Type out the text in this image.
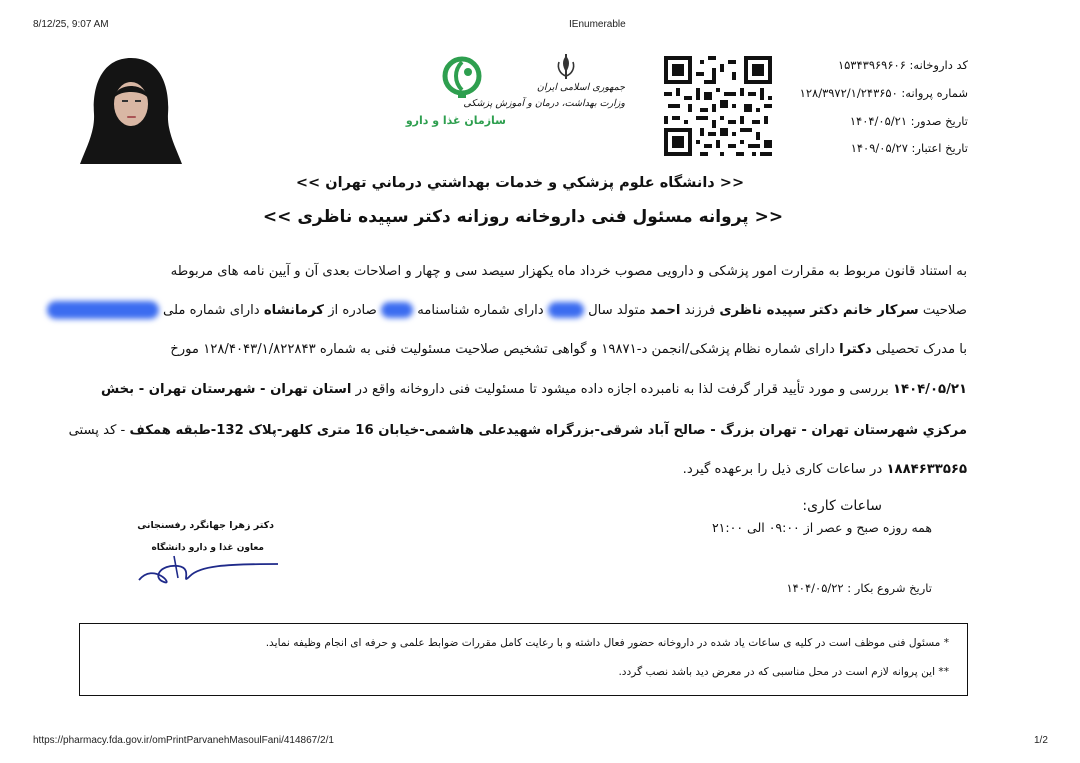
8/12/25, 9:07 AM	IEnumerable
جمهوری اسلامی ایران
وزارت بهداشت، درمان و آموزش پزشکی
سازمان غذا و دارو
کد داروخانه: ۱۵۳۴۳۹۶۹۶۰۶
شماره پروانه: ۱۲۸/۳۹۷۲/۱/۲۴۳۶۵۰
تاریخ صدور: ۱۴۰۴/۰۵/۲۱
تاریخ اعتبار: ۱۴۰۹/۰۵/۲۷
<< دانشگاه علوم پزشکي و خدمات بهداشتي درماني تهران >>
<< پروانه مسئول فنی داروخانه روزانه دکتر سپیده ناظری >>
به استناد قانون مربوط به مقرارت امور پزشکی و دارویی مصوب خرداد ماه یکهزار سیصد سی و چهار و اصلاحات بعدی آن و آیین نامه های مربوطه
صلاحیت سرکار خانم دکتر سپیده ناظری فرزند احمد متولد سال  دارای شماره شناسنامه  صادره از کرمانشاه دارای شماره ملی
با مدرک تحصیلی دکترا دارای شماره نظام پزشکی/انجمن د-۱۹۸۷۱ و گواهی تشخیص صلاحیت مسئولیت فنی به شماره ۱۲۸/۴۰۴۳/۱/۸۲۲۸۴۳ مورخ
۱۴۰۴/۰۵/۲۱ بررسی و مورد تأیید قرار گرفت لذا به نامبرده اجازه داده میشود تا مسئولیت فنی داروخانه واقع در استان تهران - شهرستان تهران - بخش
مرکزي شهرستان تهران - تهران بزرگ - صالح آباد شرقی-بزرگراه شهیدعلی هاشمی-خیابان 16 متری کلهر-پلاک 132-طبقه همکف - کد پستی
۱۸۸۴۶۳۳۵۶۵ در ساعات کاری ذیل را برعهده گیرد.
ساعات کاری:
همه روزه صبح و عصر از ۰۹:۰۰ الی ۲۱:۰۰
تاریخ شروع بکار : ۱۴۰۴/۰۵/۲۲
دکتر زهرا جهانگرد رفسنجانی
معاون غذا و دارو دانشگاه
* مسئول فنی موظف است در کلیه ی ساعات یاد شده در داروخانه حضور فعال داشته و با رعایت کامل مقررات ضوابط علمی و حرفه ای انجام وظیفه نماید.
** این پروانه لازم است در محل مناسبی که در معرض دید باشد نصب گردد.
https://pharmacy.fda.gov.ir/omPrintParvanehMasoulFani/414867/2/1	1/2
